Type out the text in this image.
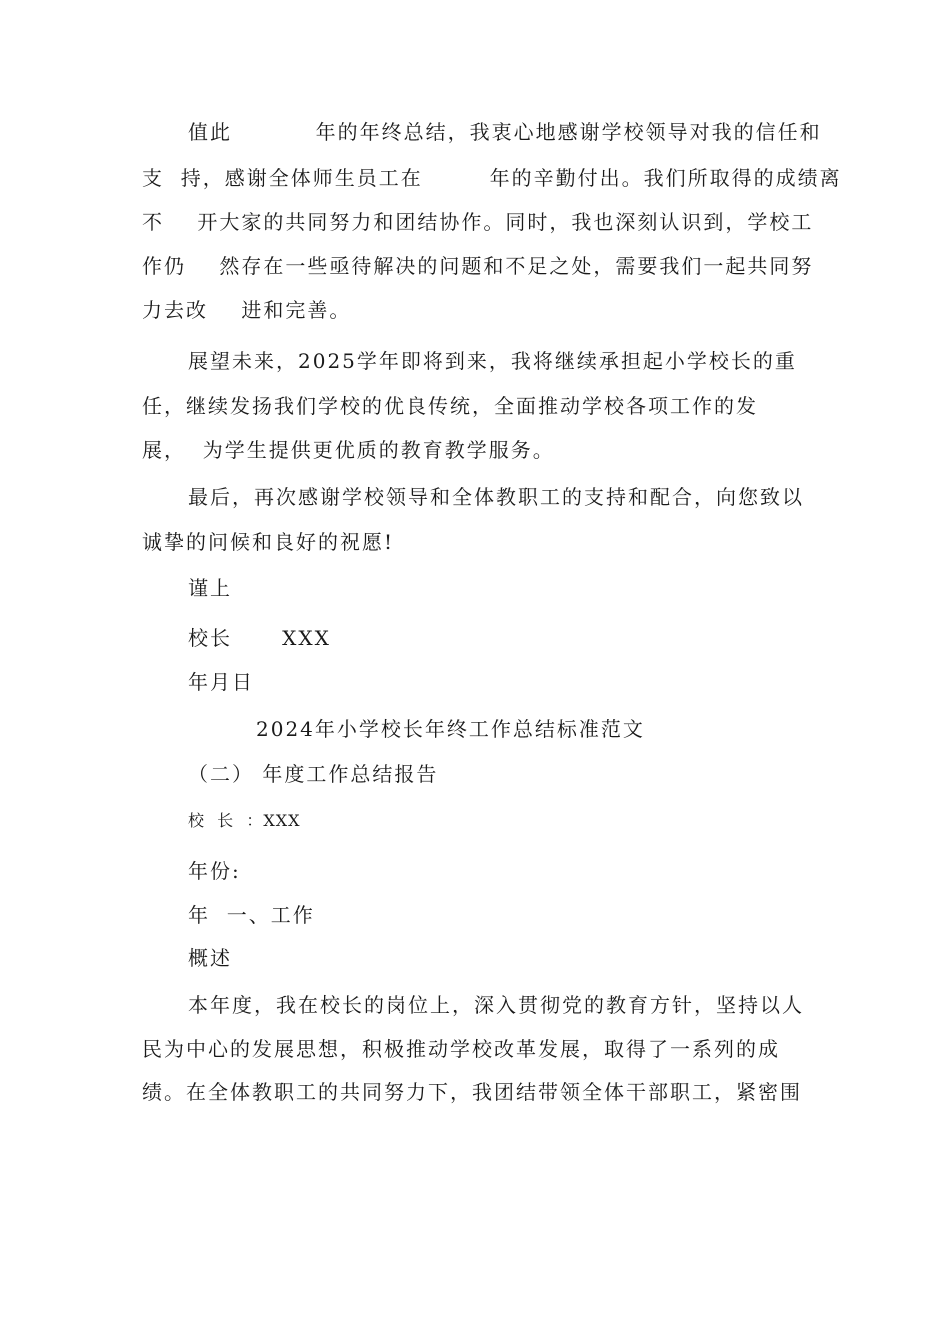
值此          年的年终总结，我衷心地感谢学校领导对我的信任和
支  持，感谢全体师生员工在        年的辛勤付出。我们所取得的成绩离
不    开大家的共同努力和团结协作。同时，我也深刻认识到，学校工
作仍    然存在一些亟待解决的问题和不足之处，需要我们一起共同努
力去改    进和完善。
展望未来，2025学年即将到来，我将继续承担起小学校长的重
任，继续发扬我们学校的优良传统，全面推动学校各项工作的发
展，  为学生提供更优质的教育教学服务。
最后，再次感谢学校领导和全体教职工的支持和配合，向您致以
诚挚的问候和良好的祝愿!
谨上
校长      XXX
年月日
2024年小学校长年终工作总结标准范文
（二） 年度工作总结报告
校  长  ：XXX
年份:
年  一、工作
概述
本年度，我在校长的岗位上，深入贯彻党的教育方针，坚持以人
民为中心的发展思想，积极推动学校改革发展，取得了一系列的成
绩。在全体教职工的共同努力下，我团结带领全体干部职工，紧密围
